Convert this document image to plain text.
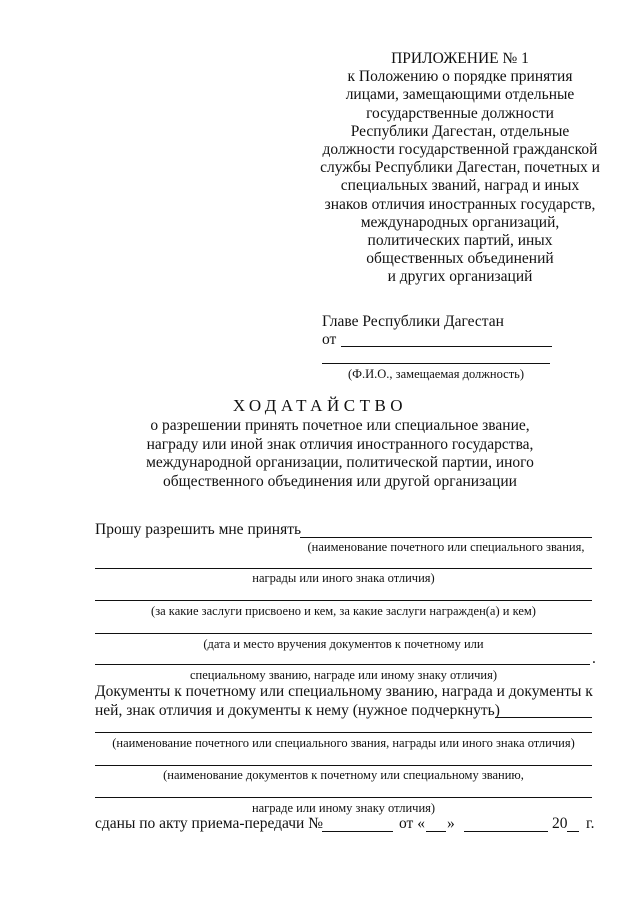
ПРИЛОЖЕНИЕ № 1
к Положению о порядке принятия
лицами, замещающими отдельные
государственные должности
Республики Дагестан, отдельные
должности государственной гражданской
службы Республики Дагестан, почетных и
специальных званий, наград и иных
знаков отличия иностранных государств,
международных организаций,
политических партий, иных
общественных объединений
и других организаций
Главе Республики Дагестан
от
(Ф.И.О., замещаемая должность)
ХОДАТАЙСТВО
о разрешении принять почетное или специальное звание,
награду или иной знак отличия иностранного государства,
международной организации, политической партии, иного
общественного объединения или другой организации
Прошу разрешить мне принять
(наименование почетного или специального звания,
награды или иного знака отличия)
(за какие заслуги присвоено и кем, за какие заслуги награжден(а) и кем)
(дата и место вручения документов к почетному или
.
специальному званию, награде или иному знаку отличия)
Документы к почетному или специальному званию, награда и документы к
ней, знак отличия и документы к нему (нужное подчеркнуть)
(наименование почетного или специального звания, награды или иного знака отличия)
(наименование документов к почетному или специальному званию,
награде или иному знаку отличия)
сданы по акту приема-передачи №	от « »	20 г.
